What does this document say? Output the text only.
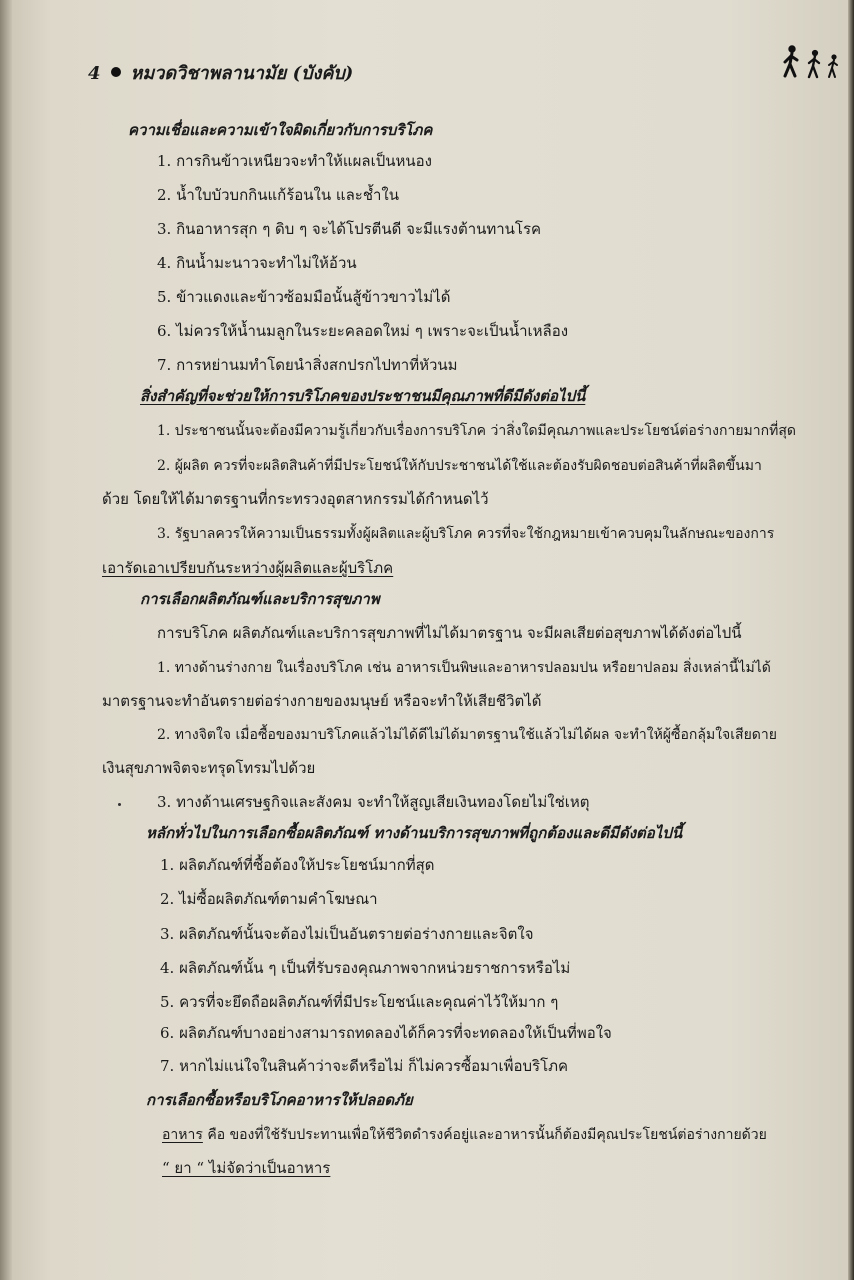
4 หมวดวิชาพลานามัย (บังคับ)
ความเชื่อและความเข้าใจผิดเกี่ยวกับการบริโภค
1. การกินข้าวเหนียวจะทำให้แผลเป็นหนอง
2. น้ำใบบัวบกกินแก้ร้อนใน และช้ำใน
3. กินอาหารสุก ๆ ดิบ ๆ จะได้โปรตีนดี จะมีแรงต้านทานโรค
4. กินน้ำมะนาวจะทำไม่ให้อ้วน
5. ข้าวแดงและข้าวซ้อมมือนั้นสู้ข้าวขาวไม่ได้
6. ไม่ควรให้น้ำนมลูกในระยะคลอดใหม่ ๆ เพราะจะเป็นน้ำเหลือง
7. การหย่านมทำโดยนำสิ่งสกปรกไปทาที่หัวนม
สิ่งสำคัญที่จะช่วยให้การบริโภคของประชาชนมีคุณภาพที่ดีมีดังต่อไปนี้
1. ประชาชนนั้นจะต้องมีความรู้เกี่ยวกับเรื่องการบริโภค ว่าสิ่งใดมีคุณภาพและประโยชน์ต่อร่างกายมากที่สุด
2. ผู้ผลิต ควรที่จะผลิตสินค้าที่มีประโยชน์ให้กับประชาชนได้ใช้และต้องรับผิดชอบต่อสินค้าที่ผลิตขึ้นมา
ด้วย โดยให้ได้มาตรฐานที่กระทรวงอุตสาหกรรมได้กำหนดไว้
3. รัฐบาลควรให้ความเป็นธรรมทั้งผู้ผลิตและผู้บริโภค ควรที่จะใช้กฎหมายเข้าควบคุมในลักษณะของการ
เอารัดเอาเปรียบกันระหว่างผู้ผลิตและผู้บริโภค
การเลือกผลิตภัณฑ์และบริการสุขภาพ
การบริโภค ผลิตภัณฑ์และบริการสุขภาพที่ไม่ได้มาตรฐาน จะมีผลเสียต่อสุขภาพได้ดังต่อไปนี้
1. ทางด้านร่างกาย ในเรื่องบริโภค เช่น อาหารเป็นพิษและอาหารปลอมปน หรือยาปลอม สิ่งเหล่านี้ไม่ได้
มาตรฐานจะทำอันตรายต่อร่างกายของมนุษย์ หรือจะทำให้เสียชีวิตได้
2. ทางจิตใจ เมื่อซื้อของมาบริโภคแล้วไม่ได้ดีไม่ได้มาตรฐานใช้แล้วไม่ได้ผล จะทำให้ผู้ซื้อกลุ้มใจเสียดาย
เงินสุขภาพจิตจะทรุดโทรมไปด้วย
3. ทางด้านเศรษฐกิจและสังคม จะทำให้สูญเสียเงินทองโดยไม่ใช่เหตุ
หลักทั่วไปในการเลือกซื้อผลิตภัณฑ์ ทางด้านบริการสุขภาพที่ถูกต้องและดีมีดังต่อไปนี้
1. ผลิตภัณฑ์ที่ซื้อต้องให้ประโยชน์มากที่สุด
2. ไม่ซื้อผลิตภัณฑ์ตามคำโฆษณา
3. ผลิตภัณฑ์นั้นจะต้องไม่เป็นอันตรายต่อร่างกายและจิตใจ
4. ผลิตภัณฑ์นั้น ๆ เป็นที่รับรองคุณภาพจากหน่วยราชการหรือไม่
5. ควรที่จะยึดถือผลิตภัณฑ์ที่มีประโยชน์และคุณค่าไว้ให้มาก ๆ
6. ผลิตภัณฑ์บางอย่างสามารถทดลองได้ก็ควรที่จะทดลองให้เป็นที่พอใจ
7. หากไม่แน่ใจในสินค้าว่าจะดีหรือไม่ ก็ไม่ควรซื้อมาเพื่อบริโภค
การเลือกซื้อหรือบริโภคอาหารให้ปลอดภัย
อาหาร คือ ของที่ใช้รับประทานเพื่อให้ชีวิตดำรงค์อยู่และอาหารนั้นก็ต้องมีคุณประโยชน์ต่อร่างกายด้วย
“ ยา “ ไม่จัดว่าเป็นอาหาร
